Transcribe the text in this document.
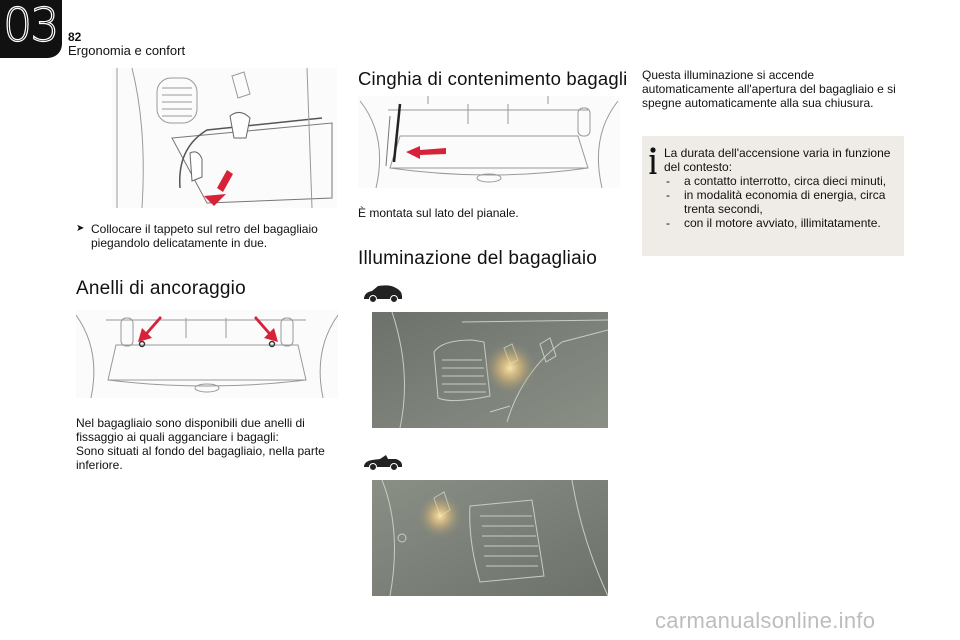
03 82
Ergonomia e confort
➤ Collocare il tappeto sul retro del bagagliaio piegandolo delicatamente in due.
Anelli di ancoraggio
Nel bagagliaio sono disponibili due anelli di fissaggio ai quali agganciare i bagagli:
Sono situati al fondo del bagagliaio, nella parte inferiore.
Cinghia di contenimento bagagli
È montata sul lato del pianale.
Illuminazione del bagagliaio
Questa illuminazione si accende automaticamente all'apertura del bagagliaio e si spegne automaticamente alla sua chiusura.
La durata dell'accensione varia in funzione del contesto:
- a contatto interrotto, circa dieci minuti,
- in modalità economia di energia, circa trenta secondi,
- con il motore avviato, illimitatamente.
carmanualsonline.info
